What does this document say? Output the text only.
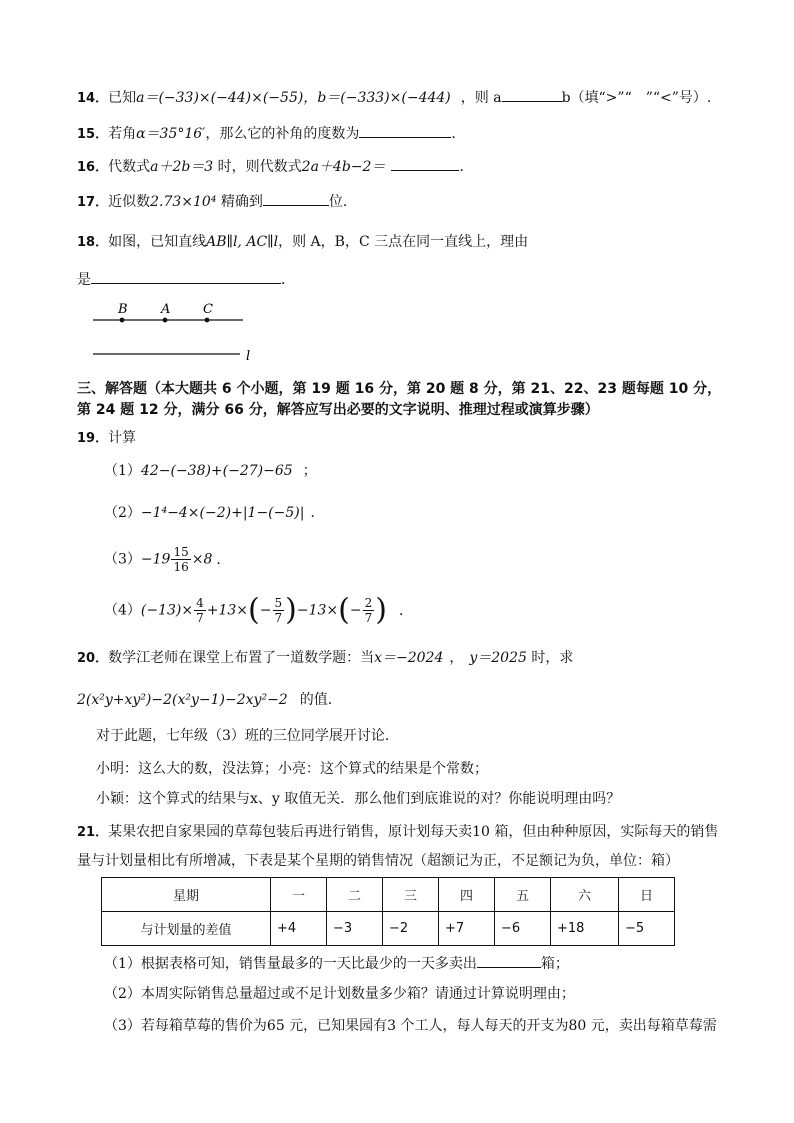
14．已知a＝(−33)×(−44)×(−55)，b＝(−333)×(−444) ，则 a	b（填“>”“　”“<”号）.
15．若角α＝35°16′，那么它的补角的度数为	．
16．代数式a＋2b＝3 时，则代数式2a＋4b−2＝	．
17．近似数2.73×10⁴ 精确到	位．
18．如图，已知直线AB∥l, AC∥l，则 A，B，C 三点在同一直线上，理由
是	．
B	A	C
l
三、解答题（本大题共 6 个小题，第 19 题 16 分，第 20 题 8 分，第 21、22、23 题每题 10 分，
第 24 题 12 分，满分 66 分，解答应写出必要的文字说明、推理过程或演算步骤）
19．计算
（1）42−(−38)+(−27)−65 ；
（2）−1⁴−4×(−2)+|1−(−5)| ．
$(3)-19 \frac{15}{16} \times 8$ ．
$(4)(-13)\times \frac{4}{7} +13\times(- \frac{5}{7} )-13\times(- \frac{2}{7}$ ) ．
20．数学江老师在课堂上布置了一道数学题：当x＝−2024 ， y＝2025 时，求
2(x²y+xy²)−2(x²y−1)−2xy²−2 的值．
对于此题，七年级（3）班的三位同学展开讨论．
小明：这么大的数，没法算；小亮：这个算式的结果是个常数；
小颖：这个算式的结果与x、y 取值无关．那么他们到底谁说的对？你能说明理由吗？
21．某果农把自家果园的草莓包装后再进行销售，原计划每天卖10 箱，但由种种原因，实际每天的销售
量与计划量相比有所增减，下表是某个星期的销售情况（超额记为正，不足额记为负，单位：箱）
星期	一	二	三	四	五	六	日
与计划量的差值	+4	−3	−2	+7	−6	+18	−5
（1）根据表格可知，销售量最多的一天比最少的一天多卖出	箱；
（2）本周实际销售总量超过或不足计划数量多少箱？请通过计算说明理由；
（3）若每箱草莓的售价为65 元，已知果园有3 个工人，每人每天的开支为80 元，卖出每箱草莓需
